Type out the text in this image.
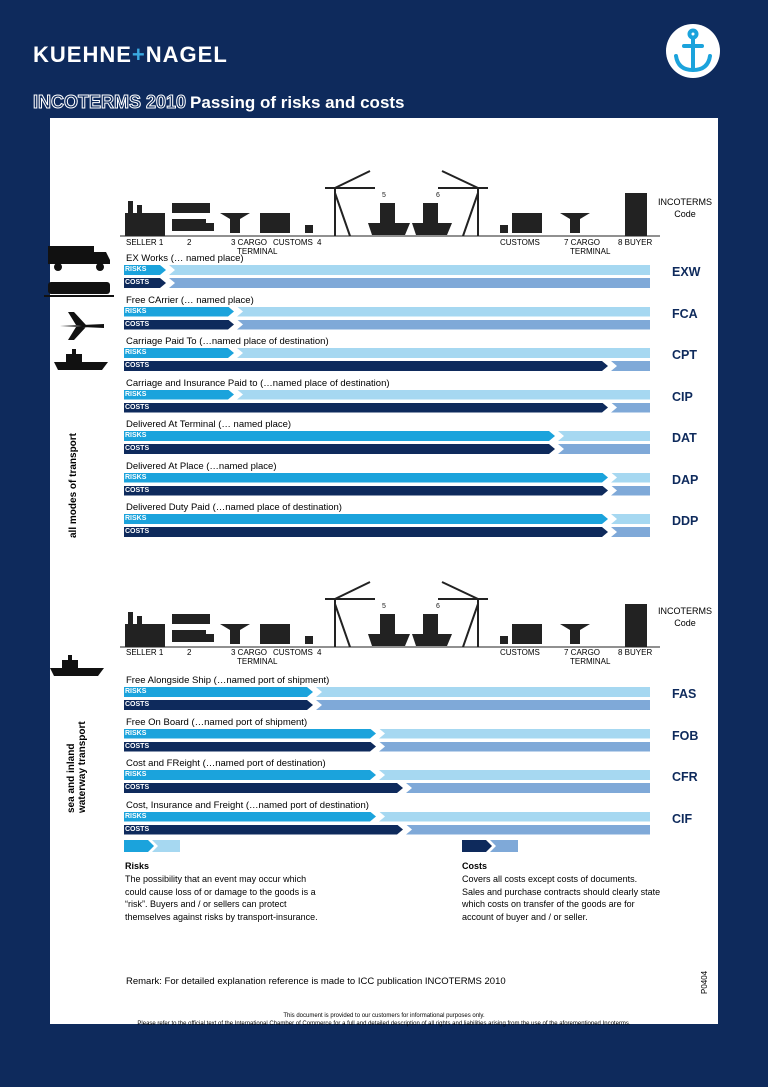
KUEHNE+NAGEL
INCOTERMS 2010 Passing of risks and costs
5	6
SELLER 1	2	3 CARGO
TERMINAL
CUSTOMS 4	CUSTOMS	7 CARGO
TERMINAL
8 BUYER
INCOTERMS
Code
all modes of transport
EX Works (… named place)
RISKS
COSTS
EXW
Free CArrier (… named place)
RISKS
COSTS
FCA
Carriage Paid To (…named place of destination)
RISKS
COSTS
CPT
Carriage and Insurance Paid to (…named place of destination)
RISKS
COSTS
CIP
Delivered At Terminal (… named place)
RISKS
COSTS
DAT
Delivered At Place (…named place)
RISKS
COSTS
DAP
Delivered Duty Paid (…named place of destination)
RISKS
COSTS
DDP
5	6
SELLER 1	2	3 CARGO
TERMINAL
CUSTOMS 4	CUSTOMS	7 CARGO
TERMINAL
8 BUYER
INCOTERMS
Code
sea and inland waterway transport
Free Alongside Ship (…named port of shipment)
RISKS
COSTS
FAS
Free On Board (…named port of shipment)
RISKS
COSTS
FOB
Cost and FReight (…named port of destination)
RISKS
COSTS
CFR
Cost, Insurance and Freight (…named port of destination)
RISKS
COSTS
CIF
Risks
The possibility that an event may occur which could cause loss of or damage to the goods is a “risk”. Buyers and / or sellers can protect themselves against risks by transport-insurance.
Costs
Covers all costs except costs of documents. Sales and purchase contracts should clearly state which costs on transfer of the goods are for account of buyer and / or seller.
Remark: For detailed explanation reference is made to ICC publication INCOTERMS 2010	P0404
This document is provided to our customers for informational purposes only.
Please refer to the official text of the International Chamber of Commerce for a full and detailed description of all rights and liabilities arising from the use of the aforementioned Incoterms.
